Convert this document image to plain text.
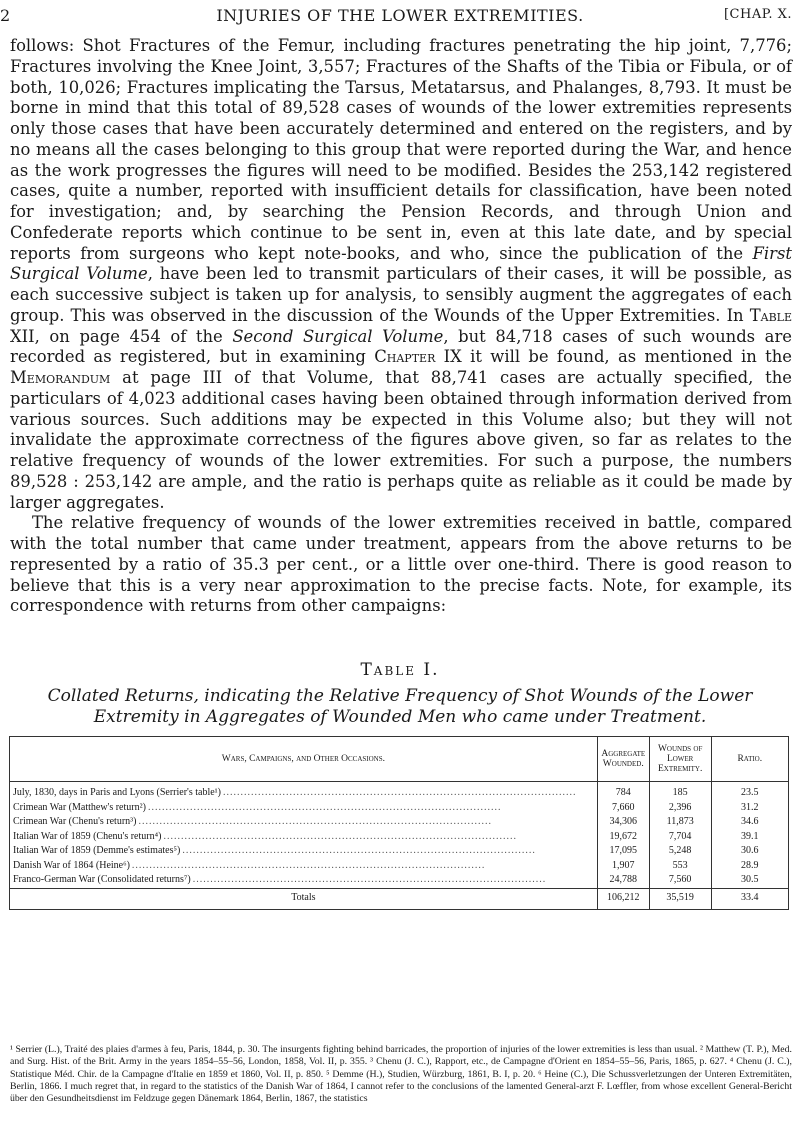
2	INJURIES OF THE LOWER EXTREMITIES.	[CHAP. X.

follows: Shot Fractures of the Femur, including fractures penetrating the hip joint, 7,776; Fractures involving the Knee Joint, 3,557; Fractures of the Shafts of the Tibia or Fibula, or of both, 10,026; Fractures implicating the Tarsus, Metatarsus, and Phalanges, 8,793. It must be borne in mind that this total of 89,528 cases of wounds of the lower extremities represents only those cases that have been accurately determined and entered on the registers, and by no means all the cases belonging to this group that were reported during the War, and hence as the work progresses the figures will need to be modified. Besides the 253,142 registered cases, quite a number, reported with insufficient details for classification, have been noted for investigation; and, by searching the Pension Records, and through Union and Confederate reports which continue to be sent in, even at this late date, and by special reports from surgeons who kept note-books, and who, since the publication of the First Surgical Volume, have been led to transmit particulars of their cases, it will be possible, as each successive subject is taken up for analysis, to sensibly augment the aggregates of each group. This was observed in the discussion of the Wounds of the Upper Extremities. In Table XII, on page 454 of the Second Surgical Volume, but 84,718 cases of such wounds are recorded as registered, but in examining Chapter IX it will be found, as mentioned in the Memorandum at page III of that Volume, that 88,741 cases are actually specified, the particulars of 4,023 additional cases having been obtained through information derived from various sources. Such additions may be expected in this Volume also; but they will not invalidate the approximate correctness of the figures above given, so far as relates to the relative frequency of wounds of the lower extremities. For such a purpose, the numbers 89,528 : 253,142 are ample, and the ratio is perhaps quite as reliable as it could be made by larger aggregates.

The relative frequency of wounds of the lower extremities received in battle, compared with the total number that came under treatment, appears from the above returns to be represented by a ratio of 35.3 per cent., or a little over one-third. There is good reason to believe that this is a very near approximation to the precise facts. Note, for example, its correspondence with returns from other campaigns:

Table I.
Collated Returns, indicating the Relative Frequency of Shot Wounds of the Lower Extremity in Aggregates of Wounded Men who came under Treatment.
Wars, Campaigns, and Other Occasions.	Aggregate Wounded.	Wounds of Lower Extremity.	Ratio.
July, 1830, days in Paris and Lyons (Serrier's table¹) .....................................................................................................	784	185	23.5
Crimean War (Matthew's return²) .....................................................................................................	7,660	2,396	31.2
Crimean War (Chenu's return³) .....................................................................................................	34,306	11,873	34.6
Italian War of 1859 (Chenu's return⁴) .....................................................................................................	19,672	7,704	39.1
Italian War of 1859 (Demme's estimates⁵) .....................................................................................................	17,095	5,248	30.6
Danish War of 1864 (Heine⁶) .....................................................................................................	1,907	553	28.9
Franco-German War (Consolidated returns⁷) .....................................................................................................	24,788	7,560	30.5
Totals	106,212	35,519	33.4

¹ Serrier (L.), Traité des plaies d'armes à feu, Paris, 1844, p. 30. The insurgents fighting behind barricades, the proportion of injuries of the lower extremities is less than usual. ² Matthew (T. P.), Med. and Surg. Hist. of the Brit. Army in the years 1854–55–56, London, 1858, Vol. II, p. 355. ³ Chenu (J. C.), Rapport, etc., de Campagne d'Orient en 1854–55–56, Paris, 1865, p. 627. ⁴ Chenu (J. C.), Statistique Méd. Chir. de la Campagne d'Italie en 1859 et 1860, Vol. II, p. 850. ⁵ Demme (H.), Studien, Würzburg, 1861, B. I, p. 20. ⁶ Heine (C.), Die Schussverletzungen der Unteren Extremitäten, Berlin, 1866. I much regret that, in regard to the statistics of the Danish War of 1864, I cannot refer to the conclusions of the lamented General-arzt F. Lœffler, from whose excellent General-Bericht über den Gesundheitsdienst im Feldzuge gegen Dänemark 1864, Berlin, 1867, the statistics
